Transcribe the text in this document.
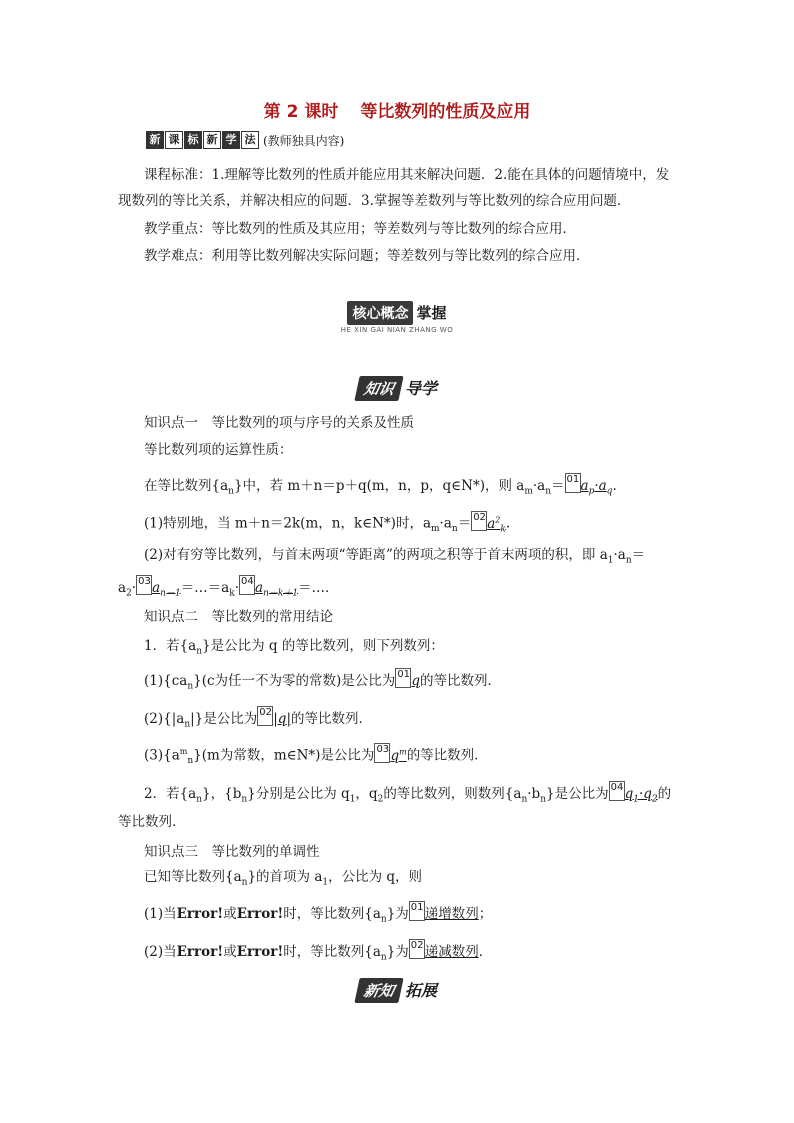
第 2 课时 等比数列的性质及应用
新 课 标 新 学 法 (教师独具内容)
课程标准：1.理解等比数列的性质并能应用其来解决问题．2.能在具体的问题情境中，发
现数列的等比关系，并解决相应的问题．3.掌握等差数列与等比数列的综合应用问题．
教学重点：等比数列的性质及其应用；等差数列与等比数列的综合应用．
教学难点：利用等比数列解决实际问题；等差数列与等比数列的综合应用．
核心概念 掌握
HE XIN GAI NIAN ZHANG WO
知识 导学
知识点一　等比数列的项与序号的关系及性质
等比数列项的运算性质：
在等比数列$\{a_n\}$中，若 m＋n＝p＋q(m，n，p，q∈N*)，则 $a_m\cdot a_n= 01$ $a_p\cdot a_q$.
(1)特别地，当 m＋n＝2k(m，n，k∈N*)时，$a_m\cdot a_n= 02$ $a^2_k$.
(2)对有穷等比数列，与首末两项“等距离”的两项之积等于首末两项的积，即 $a_1\cdot a_n=$
$a_2\cdot 03$ $a_{n-1}=\dots=a_k\cdot 04$ $a_{n-k+1}=\dots$．
知识点二　等比数列的常用结论
1．若$\{a_n\}$是公比为 q 的等比数列，则下列数列：
$(1)\{ca_n\}(c$为任一不为零的常数)是公比为 01 q的等比数列．
$(2)\{|a_n|\}$是公比为 02 |q|的等比数列．
$(3)\{a^m_n\}(m$为常数，m∈N*)是公比为 03 $q^m$的等比数列．
2．若$\{a_n\}$，$\{b_n\}$分别是公比为 $q_1$，$q_2$的等比数列，则数列$\{a_n\cdot b_n\}$是公比为 04 $q_1\cdot q_2$的
等比数列．
知识点三　等比数列的单调性
已知等比数列$\{a_n\}$的首项为 $a_1$，公比为 q，则
(1)当Error!或Error!时，等比数列$\{a_n\}$为 01 递增数列；
(2)当Error!或Error!时，等比数列$\{a_n\}$为 02 递减数列．
新知 拓展
